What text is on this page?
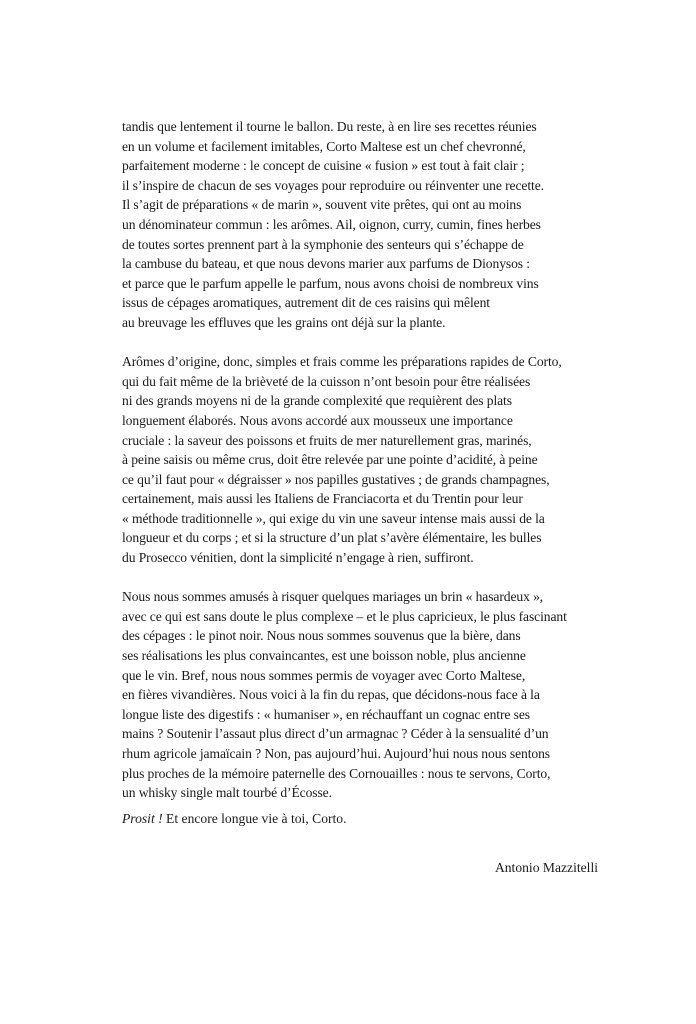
tandis que lentement il tourne le ballon. Du reste, à en lire ses recettes réunies
en un volume et facilement imitables, Corto Maltese est un chef chevronné,
parfaitement moderne : le concept de cuisine « fusion » est tout à fait clair ;
il s’inspire de chacun de ses voyages pour reproduire ou réinventer une recette.
Il s’agit de préparations « de marin », souvent vite prêtes, qui ont au moins
un dénominateur commun : les arômes. Ail, oignon, curry, cumin, fines herbes
de toutes sortes prennent part à la symphonie des senteurs qui s’échappe de
la cambuse du bateau, et que nous devons marier aux parfums de Dionysos :
et parce que le parfum appelle le parfum, nous avons choisi de nombreux vins
issus de cépages aromatiques, autrement dit de ces raisins qui mêlent
au breuvage les effluves que les grains ont déjà sur la plante.
Arômes d’origine, donc, simples et frais comme les préparations rapides de Corto,
qui du fait même de la brièveté de la cuisson n’ont besoin pour être réalisées
ni des grands moyens ni de la grande complexité que requièrent des plats
longuement élaborés. Nous avons accordé aux mousseux une importance
cruciale : la saveur des poissons et fruits de mer naturellement gras, marinés,
à peine saisis ou même crus, doit être relevée par une pointe d’acidité, à peine
ce qu’il faut pour « dégraisser » nos papilles gustatives ; de grands champagnes,
certainement, mais aussi les Italiens de Franciacorta et du Trentin pour leur
« méthode traditionnelle », qui exige du vin une saveur intense mais aussi de la
longueur et du corps ; et si la structure d’un plat s’avère élémentaire, les bulles
du Prosecco vénitien, dont la simplicité n’engage à rien, suffiront.
Nous nous sommes amusés à risquer quelques mariages un brin « hasardeux »,
avec ce qui est sans doute le plus complexe – et le plus capricieux, le plus fascinant
des cépages : le pinot noir. Nous nous sommes souvenus que la bière, dans
ses réalisations les plus convaincantes, est une boisson noble, plus ancienne
que le vin. Bref, nous nous sommes permis de voyager avec Corto Maltese,
en fières vivandières. Nous voici à la fin du repas, que décidons-nous face à la
longue liste des digestifs : « humaniser », en réchauffant un cognac entre ses
mains ? Soutenir l’assaut plus direct d’un armagnac ? Céder à la sensualité d’un
rhum agricole jamaïcain ? Non, pas aujourd’hui. Aujourd’hui nous nous sentons
plus proches de la mémoire paternelle des Cornouailles : nous te servons, Corto,
un whisky single malt tourbé d’Écosse.
Prosit ! Et encore longue vie à toi, Corto.
Antonio Mazzitelli
